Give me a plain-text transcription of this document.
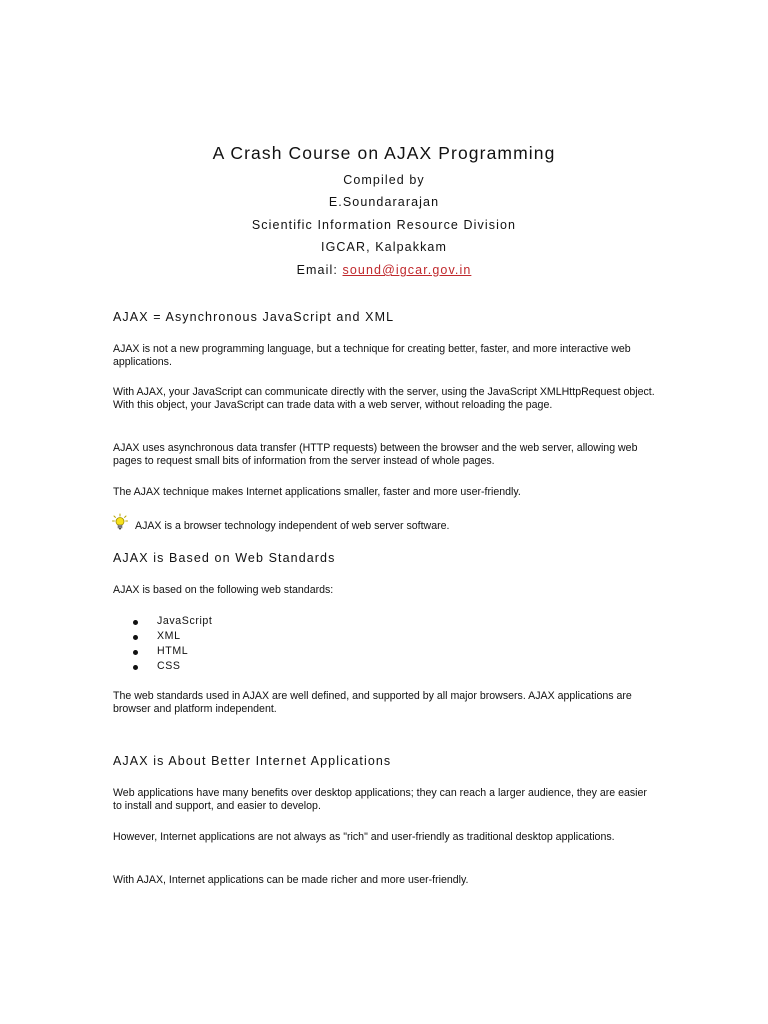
A Crash Course on AJAX Programming

Compiled by

E.Soundararajan

Scientific Information Resource Division

IGCAR, Kalpakkam

Email: sound@igcar.gov.in

AJAX = Asynchronous JavaScript and XML

AJAX is not a new programming language, but a technique for creating better, faster, and more interactive web applications.

With AJAX, your JavaScript can communicate directly with the server, using the JavaScript XMLHttpRequest object. With this object, your JavaScript can trade data with a web server, without reloading the page.

AJAX uses asynchronous data transfer (HTTP requests) between the browser and the web server, allowing web pages to request small bits of information from the server instead of whole pages.

The AJAX technique makes Internet applications smaller, faster and more user-friendly.

AJAX is a browser technology independent of web server software.

AJAX is Based on Web Standards

AJAX is based on the following web standards:

JavaScript
XML
HTML
CSS

The web standards used in AJAX are well defined, and supported by all major browsers. AJAX applications are browser and platform independent.

AJAX is About Better Internet Applications

Web applications have many benefits over desktop applications; they can reach a larger audience, they are easier to install and support, and easier to develop.

However, Internet applications are not always as "rich" and user-friendly as traditional desktop applications.

With AJAX, Internet applications can be made richer and more user-friendly.
